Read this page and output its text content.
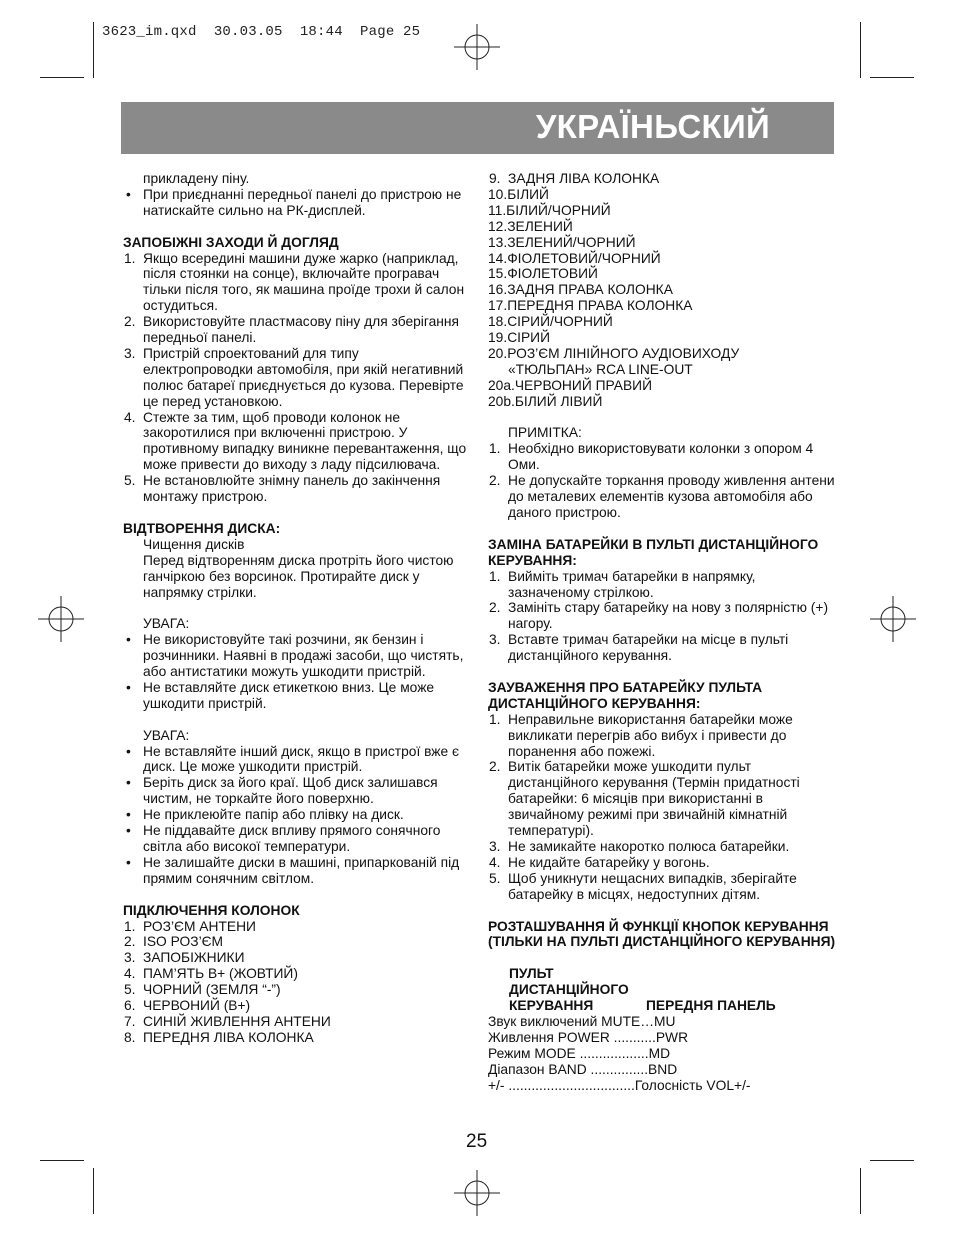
3623_im.qxd  30.03.05  18:44  Page 25
УКРАЇНЬСКИЙ

прикладену піну.

• При приєднанні передньої панелі до пристрою не натискайте сильно на РК-дисплей.

ЗАПОБІЖНІ ЗАХОДИ Й ДОГЛЯД

1. Якщо всередині машини дуже жарко (наприклад, після стоянки на сонце), включайте програвач тільки після того, як машина проїде трохи й салон остудиться.
2. Використовуйте пластмасову піну для зберігання передньої панелі.
3. Пристрій спроектований для типу електропроводки автомобіля, при якій негативний полюс батареї приєднується до кузова. Перевірте це перед установкою.
4. Стежте за тим, щоб проводи колонок не закоротилися при включенні пристрою. У противному випадку виникне перевантаження, що може привести до виходу з ладу підсилювача.
5. Не встановлюйте знімну панель до закінчення монтажу пристрою.

ВІДТВОРЕННЯ ДИСКА:

Чищення дисків

Перед відтворенням диска протріть його чистою ганчіркою без ворсинок. Протирайте диск у напрямку стрілки.

УВАГА:

• Не використовуйте такі розчини, як бензин і розчинники. Наявні в продажі засоби, що чистять, або антистатики можуть ушкодити пристрій.
• Не вставляйте диск етикеткою вниз. Це може ушкодити пристрій.

УВАГА:

• Не вставляйте інший диск, якщо в пристрої вже є диск. Це може ушкодити пристрій.
• Беріть диск за його краї. Щоб диск залишався чистим, не торкайте його поверхню.
• Не приклеюйте папір або плівку на диск.
• Не піддавайте диск впливу прямого сонячного світла або високої температури.
• Не залишайте диски в машині, припаркованій під прямим сонячним світлом.

ПІДКЛЮЧЕННЯ КОЛОНОК

1. РОЗ’ЄМ АНТЕНИ
2. ISO РОЗ’ЄМ
3. ЗАПОБІЖНИКИ
4. ПАМ’ЯТЬ В+ (ЖОВТИЙ)
5. ЧОРНИЙ (ЗЕМЛЯ “-”)
6. ЧЕРВОНИЙ (В+)
7. СИНІЙ ЖИВЛЕННЯ АНТЕНИ
8. ПЕРЕДНЯ ЛІВА КОЛОНКА
9. ЗАДНЯ ЛІВА КОЛОНКА
10.БІЛИЙ
11.БІЛИЙ/ЧОРНИЙ
12.ЗЕЛЕНИЙ
13.ЗЕЛЕНИЙ/ЧОРНИЙ
14.ФІОЛЕТОВИЙ/ЧОРНИЙ
15.ФІОЛЕТОВИЙ
16.ЗАДНЯ ПРАВА КОЛОНКА
17.ПЕРЕДНЯ ПРАВА КОЛОНКА
18.СІРИЙ/ЧОРНИЙ
19.СІРИЙ
20.РОЗ’ЄМ ЛІНІЙНОГО АУДІОВИХОДУ
«ТЮЛЬПАН» RCA LINE-OUT
20a.ЧЕРВОНИЙ ПРАВИЙ
20b.БІЛИЙ ЛІВИЙ

ПРИМІТКА:

1. Необхідно використовувати колонки з опором 4 Оми.
2. Не допускайте торкання проводу живлення антени до металевих елементів кузова автомобіля або даного пристрою.

ЗАМІНА БАТАРЕЙКИ В ПУЛЬТІ ДИСТАНЦІЙНОГО КЕРУВАННЯ:

1. Вийміть тримач батарейки в напрямку, зазначеному стрілкою.
2. Замініть стару батарейку на нову з полярністю (+) нагору.
3. Вставте тримач батарейки на місце в пульті дистанційного керування.

ЗАУВАЖЕННЯ ПРО БАТАРЕЙКУ ПУЛЬТА ДИСТАНЦІЙНОГО КЕРУВАННЯ:

1. Неправильне використання батарейки може викликати перегрів або вибух і привести до поранення або пожежі.
2. Витік батарейки може ушкодити пульт дистанційного керування (Термін придатності батарейки: 6 місяців при використанні в звичайному режимі при звичайній кімнатній температурі).
3. Не замикайте накоротко полюса батарейки.
4. Не кидайте батарейку у вогонь.
5. Щоб уникнути нещасних випадків, зберігайте батарейку в місцях, недоступних дітям.

РОЗТАШУВАННЯ Й ФУНКЦІЇ КНОПОК КЕРУВАННЯ (ТІЛЬКИ НА ПУЛЬТІ ДИСТАНЦІЙНОГО КЕРУВАННЯ)

ПУЛЬТ ДИСТАНЦІЙНОГО КЕРУВАННЯ	ПЕРЕДНЯ ПАНЕЛЬ
Звук виключений MUTE…MU
Живлення POWER ...........PWR
Режим MODE ..................MD
Діапазон BAND ...............BND
+/- .................................Голосність VOL+/-
25
